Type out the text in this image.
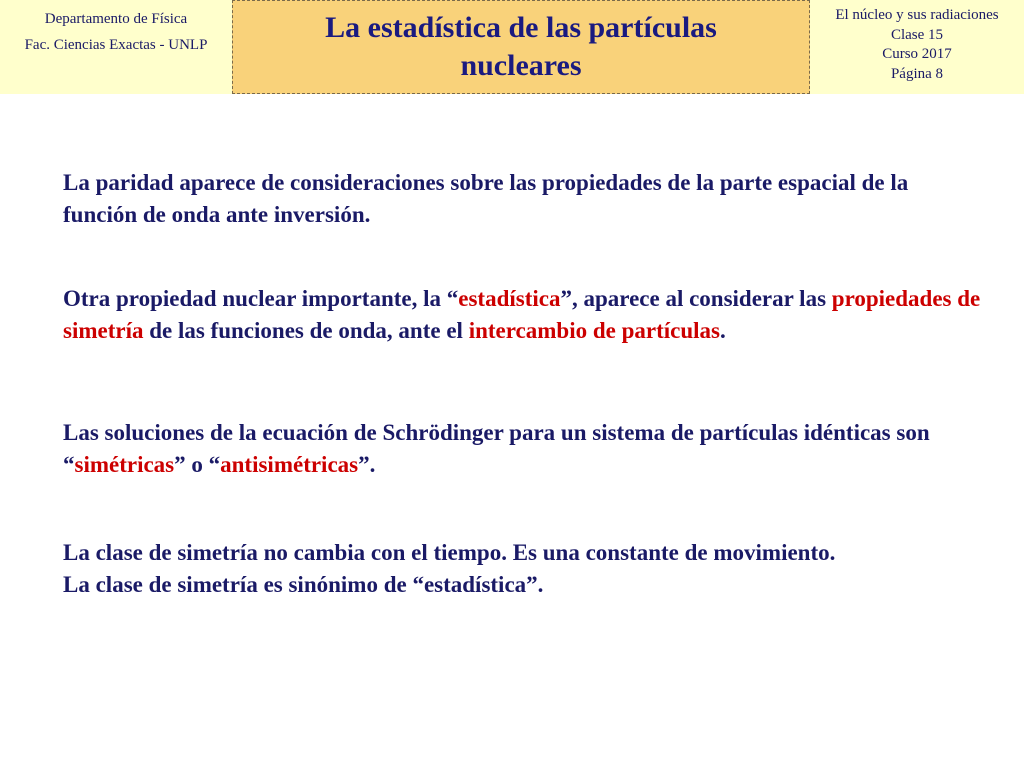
Departamento de Física
Fac. Ciencias Exactas - UNLP
La estadística de las partículas nucleares
El núcleo y sus radiaciones
Clase 15
Curso 2017
Página 8

La paridad aparece de consideraciones sobre las propiedades de la parte espacial de la función de onda ante inversión.

Otra propiedad nuclear importante, la “estadística”, aparece al considerar las propiedades de simetría de las funciones de onda, ante el intercambio de partículas.

Las soluciones de la ecuación de Schrödinger para un sistema de partículas idénticas son “simétricas” o “antisimétricas”.

La clase de simetría no cambia con el tiempo. Es una constante de movimiento.
La clase de simetría es sinónimo de “estadística”.
